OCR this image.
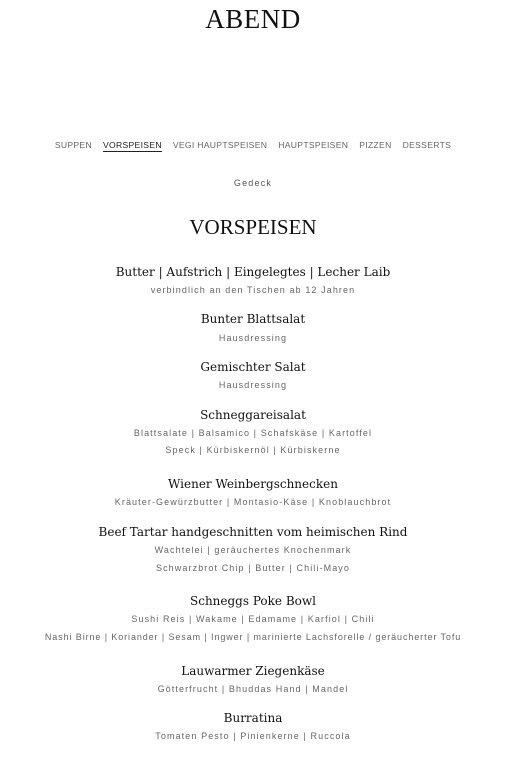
ABEND
SUPPEN VORSPEISEN VEGI HAUPTSPEISEN HAUPTSPEISEN PIZZEN DESSERTS
Gedeck
VORSPEISEN
Butter | Aufstrich | Eingelegtes | Lecher Laib
verbindlich an den Tischen ab 12 Jahren
Bunter Blattsalat
Hausdressing
Gemischter Salat
Hausdressing
Schneggareisalat
Blattsalate | Balsamico | Schafskäse | Kartoffel
Speck | Kürbiskernöl | Kürbiskerne
Wiener Weinbergschnecken
Kräuter-Gewürzbutter | Montasio-Käse | Knoblauchbrot
Beef Tartar handgeschnitten vom heimischen Rind
Wachtelei | geräuchertes Knochenmark
Schwarzbrot Chip | Butter | Chili-Mayo
Schneggs Poke Bowl
Sushi Reis | Wakame | Edamame | Karfiol | Chili
Nashi Birne | Koriander | Sesam | Ingwer | marinierte Lachsforelle / geräucherter Tofu
Lauwarmer Ziegenkäse
Götterfrucht | Bhuddas Hand | Mandel
Burratina
Tomaten Pesto | Pinienkerne | Ruccola
